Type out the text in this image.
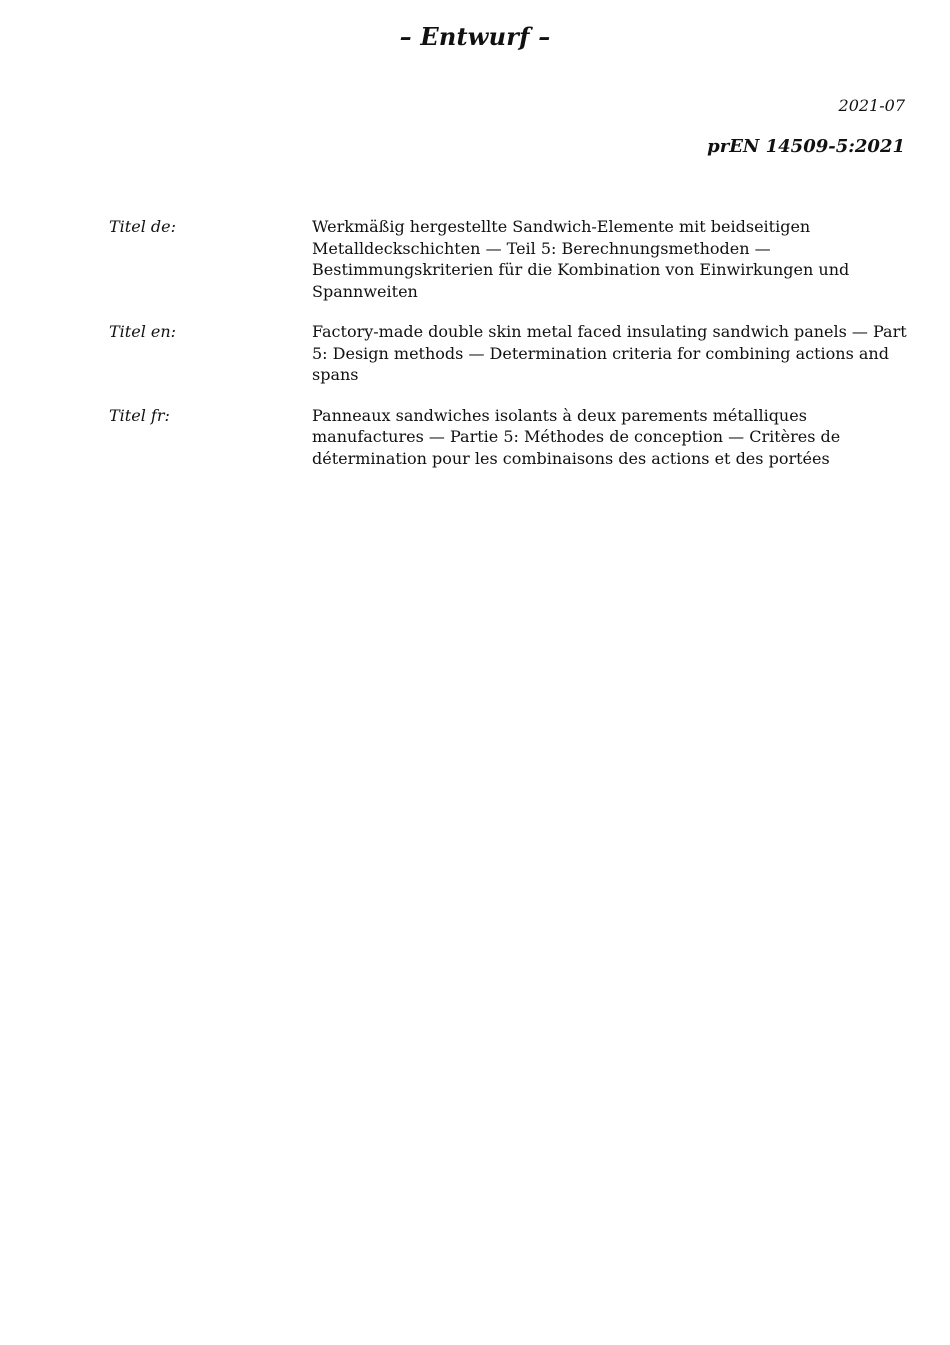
– Entwurf –
2021-07
prEN 14509-5:2021
Titel de:	Werkmäßig hergestellte Sandwich-Elemente mit beidseitigen Metalldeckschichten — Teil 5: Berechnungsmethoden — Bestimmungskriterien für die Kombination von Einwirkungen und Spannweiten
Titel en:	Factory-made double skin metal faced insulating sandwich panels — Part 5: Design methods — Determination criteria for combining actions and spans
Titel fr:	Panneaux sandwiches isolants à deux parements métalliques manufactures — Partie 5: Méthodes de conception — Critères de détermination pour les combinaisons des actions et des portées
